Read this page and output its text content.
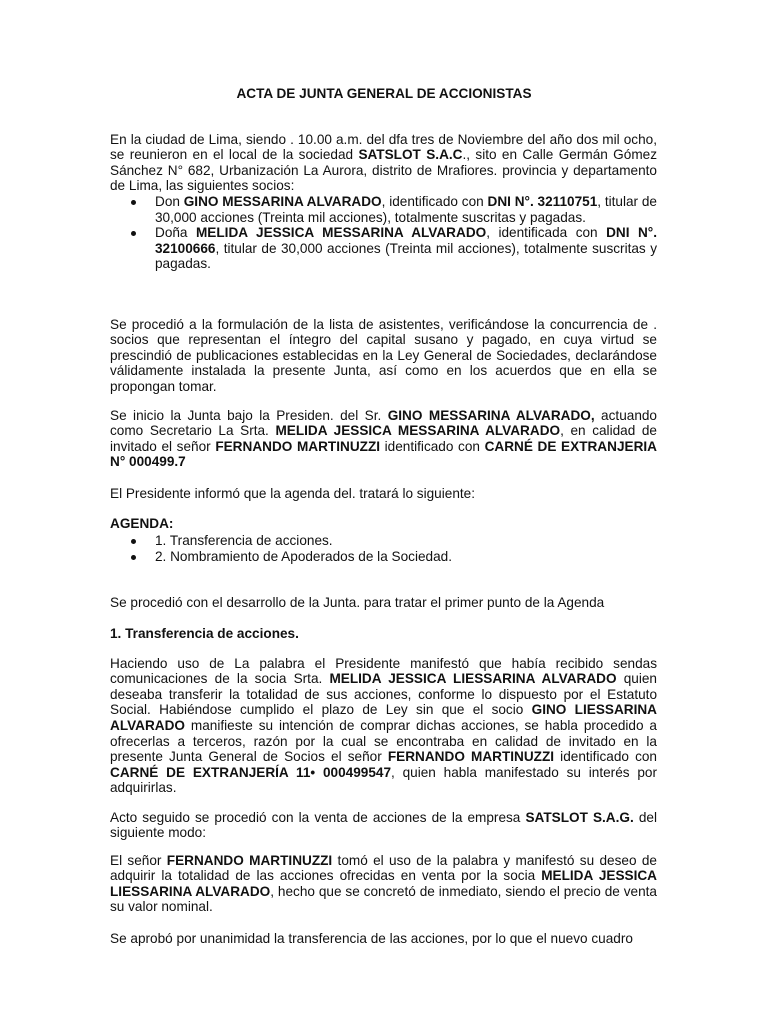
ACTA DE JUNTA GENERAL DE ACCIONISTAS

En la ciudad de Lima, siendo . 10.00 a.m. del dfa tres de Noviembre del año dos mil ocho, se reunieron en el local de la sociedad SATSLOT S.A.C., sito en Calle Germán Gómez Sánchez N° 682, Urbanización La Aurora, distrito de Mrafiores. provincia y departamento de Lima, las siguientes socios:

Don GINO MESSARINA ALVARADO, identificado con DNI N°. 32110751, titular de 30,000 acciones (Treinta mil acciones), totalmente suscritas y pagadas.
Doña MELIDA JESSICA MESSARINA ALVARADO, identificada con DNI N°. 32100666, titular de 30,000 acciones (Treinta mil acciones), totalmente suscritas y pagadas.

Se procedió a la formulación de la lista de asistentes, verificándose la concurrencia de . socios que representan el íntegro del capital susano y pagado, en cuya virtud se prescindió de publicaciones establecidas en la Ley General de Sociedades, declarándose válidamente instalada la presente Junta, así como en los acuerdos que en ella se propongan tomar.

Se inicio la Junta bajo la Presiden. del Sr. GINO MESSARINA ALVARADO, actuando como Secretario La Srta. MELIDA JESSICA MESSARINA ALVARADO, en calidad de invitado el señor FERNANDO MARTINUZZI identificado con CARNÉ DE EXTRANJERIA N° 000499.7

El Presidente informó que la agenda del. tratará lo siguiente:

AGENDA:

1. Transferencia de acciones.
2. Nombramiento de Apoderados de la Sociedad.

Se procedió con el desarrollo de la Junta. para tratar el primer punto de la Agenda

1. Transferencia de acciones.

Haciendo uso de La palabra el Presidente manifestó que había recibido sendas comunicaciones de la socia Srta. MELIDA JESSICA LIESSARINA ALVARADO quien deseaba transferir la totalidad de sus acciones, conforme lo dispuesto por el Estatuto Social. Habiéndose cumplido el plazo de Ley sin que el socio GINO LIESSARINA ALVARADO manifieste su intención de comprar dichas acciones, se habla procedido a ofrecerlas a terceros, razón por la cual se encontraba en calidad de invitado en la presente Junta General de Socios el señor FERNANDO MARTINUZZI identificado con CARNÉ DE EXTRANJERÍA 11• 000499547, quien habla manifestado su interés por adquirirlas.

Acto seguido se procedió con la venta de acciones de la empresa SATSLOT S.A.G. del siguiente modo:

El señor FERNANDO MARTINUZZI tomó el uso de la palabra y manifestó su deseo de adquirir la totalidad de las acciones ofrecidas en venta por la socia MELIDA JESSICA LIESSARINA ALVARADO, hecho que se concretó de inmediato, siendo el precio de venta su valor nominal.

Se aprobó por unanimidad la transferencia de las acciones, por lo que el nuevo cuadro
